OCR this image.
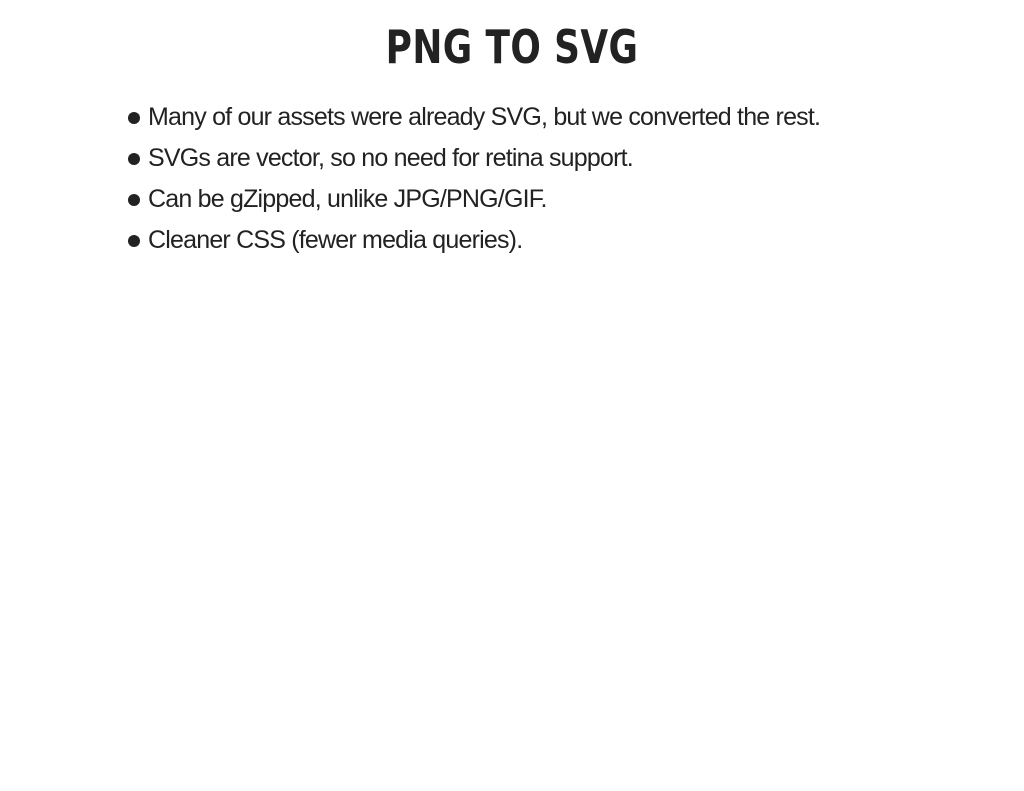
PNG TO SVG
Many of our assets were already SVG, but we converted the rest.
SVGs are vector, so no need for retina support.
Can be gZipped, unlike JPG/PNG/GIF.
Cleaner CSS (fewer media queries).
